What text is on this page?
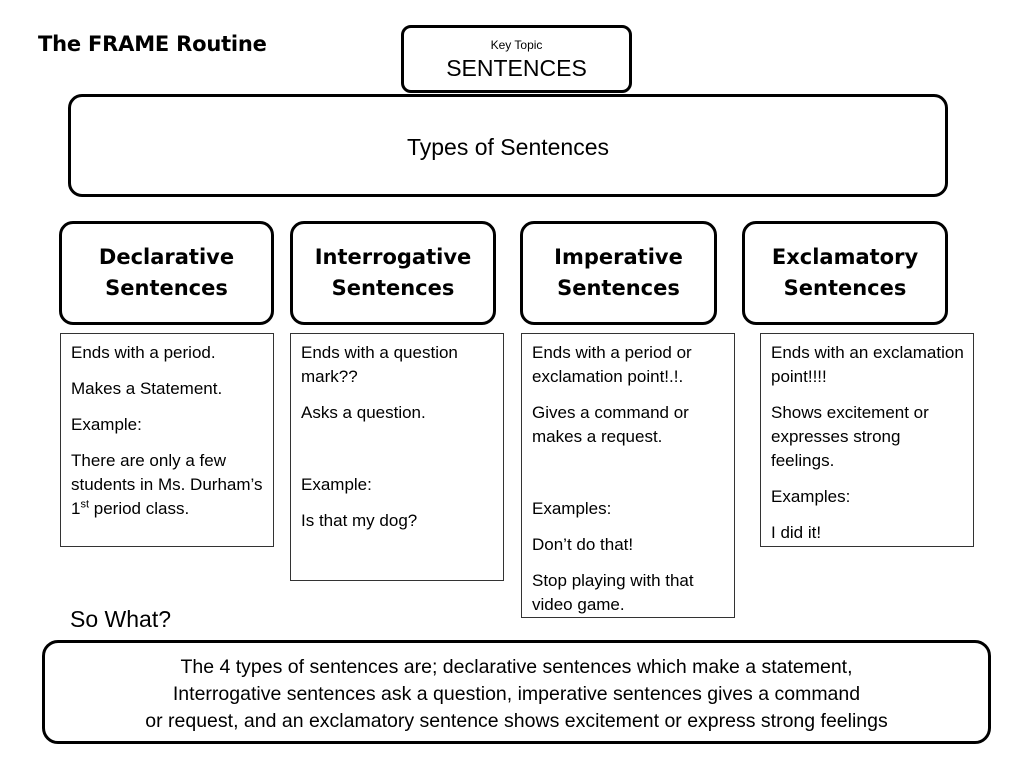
The FRAME Routine	Key Topic
SENTENCES
Types of Sentences
Declarative
Sentences
Interrogative
Sentences
Imperative
Sentences
Exclamatory
Sentences

Ends with a period.

Makes a Statement.

Example:

There are only a few students in Ms. Durham’s 1st period class.

Ends with a question mark??

Asks a question.

Example:

Is that my dog?

Ends with a period or exclamation point!.!.

Gives a command or makes a request.

Examples:

Don’t do that!

Stop playing with that video game.

Ends with an exclamation point!!!!

Shows excitement or expresses strong feelings.

Examples:

I did it!

So What?
The 4 types of sentences are; declarative sentences which make a statement,
Interrogative sentences ask a question, imperative sentences gives a command
or request, and an exclamatory sentence shows excitement or express strong feelings
